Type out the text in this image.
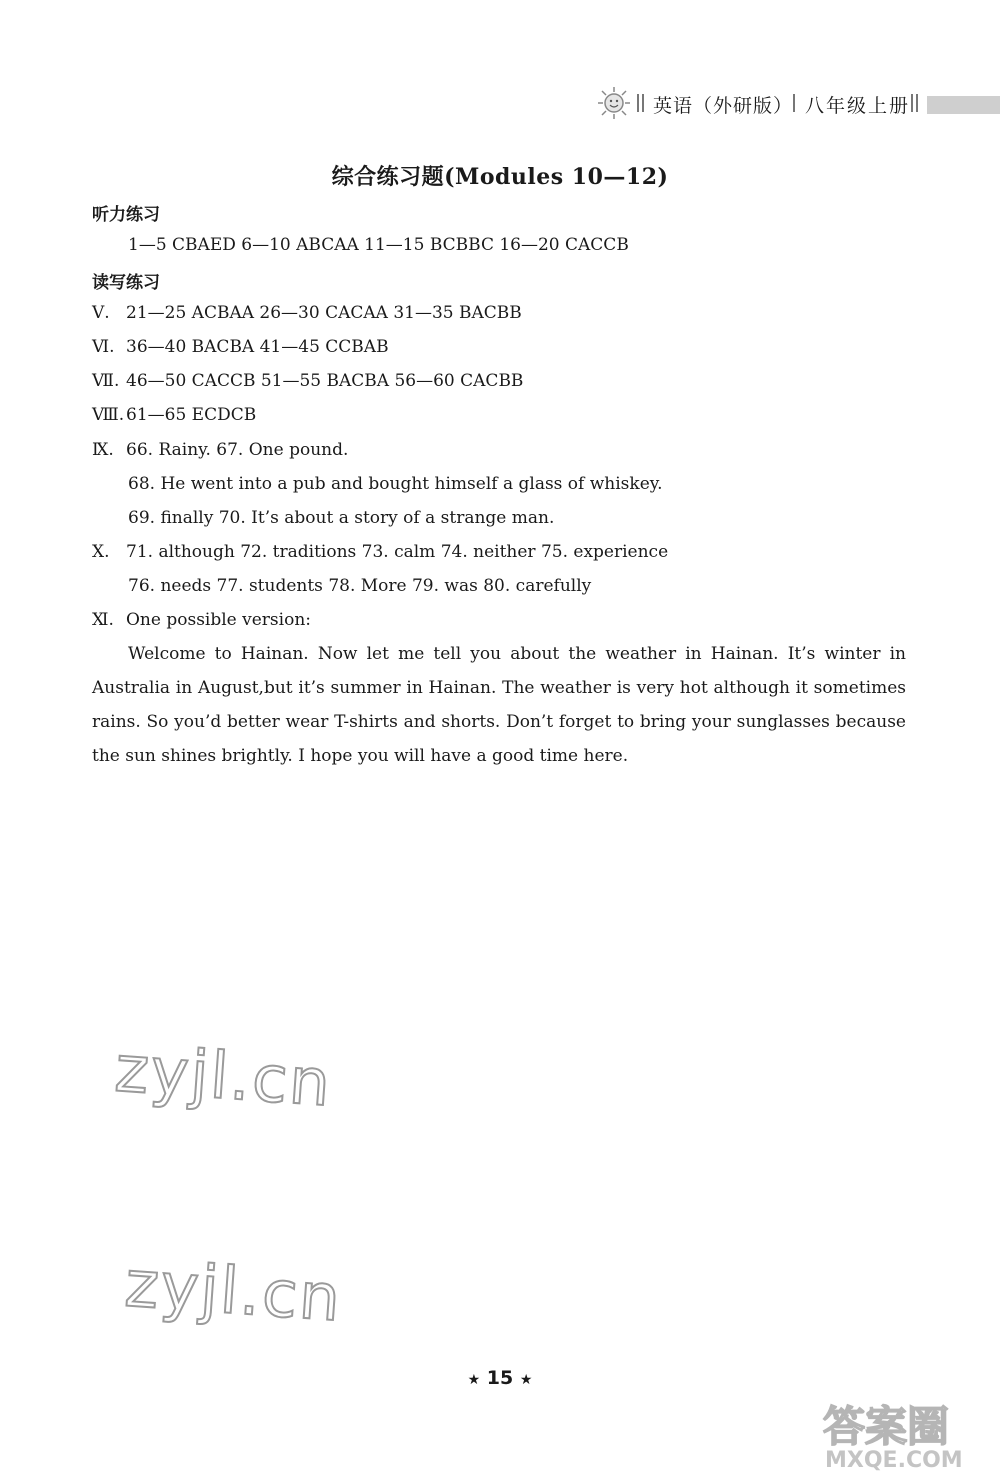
英语（外研版） 八年级上册
综合练习题(Modules 10—12)
听力练习
1—5 CBAED 6—10 ABCAA 11—15 BCBBC 16—20 CACCB
读写练习
Ⅴ. 21—25 ACBAA 26—30 CACAA 31—35 BACBB
Ⅵ. 36—40 BACBA 41—45 CCBAB
Ⅶ. 46—50 CACCB 51—55 BACBA 56—60 CACBB
Ⅷ. 61—65 ECDCB
Ⅸ. 66. Rainy. 67. One pound.
68. He went into a pub and bought himself a glass of whiskey.
69. finally 70. It’s about a story of a strange man.
Ⅹ. 71. although 72. traditions 73. calm 74. neither 75. experience
76. needs 77. students 78. More 79. was 80. carefully
Ⅺ. One possible version:
Welcome to Hainan. Now let me tell you about the weather in Hainan. It’s winter in Australia in August,but it’s summer in Hainan. The weather is very hot although it sometimes rains. So you’d better wear T-shirts and shorts. Don’t forget to bring your sunglasses because the sun shines brightly. I hope you will have a good time here.
zyjl.cn
zyjl.cn
★ 15 ★
答案圈
MXQE.COM
